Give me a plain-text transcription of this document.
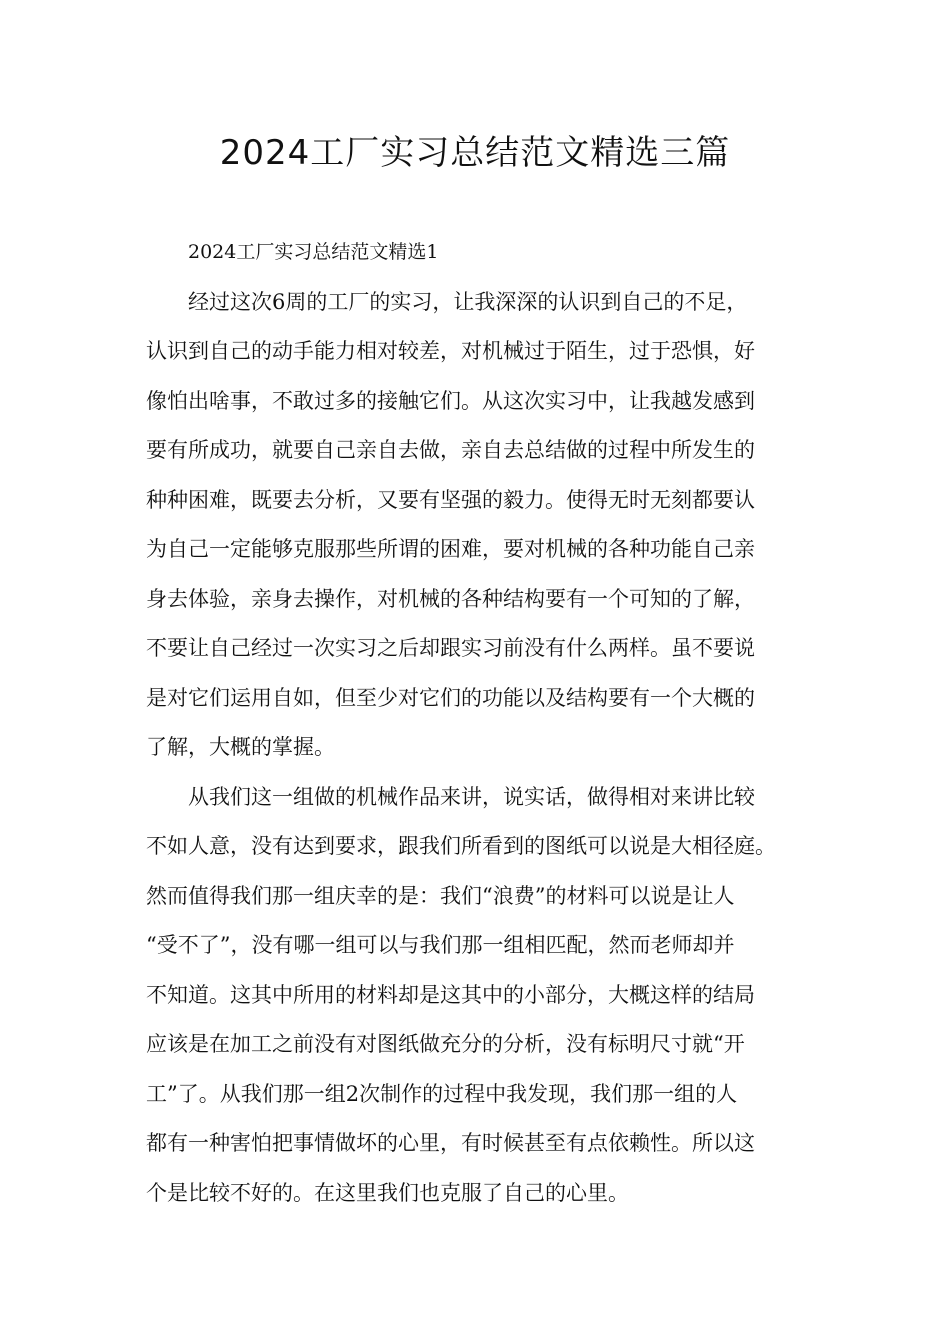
2024工厂实习总结范文精选三篇
2024工厂实习总结范文精选1
经过这次6周的工厂的实习，让我深深的认识到自己的不足，
认识到自己的动手能力相对较差，对机械过于陌生，过于恐惧，好
像怕出啥事，不敢过多的接触它们。从这次实习中，让我越发感到
要有所成功，就要自己亲自去做，亲自去总结做的过程中所发生的
种种困难，既要去分析，又要有坚强的毅力。使得无时无刻都要认
为自己一定能够克服那些所谓的困难，要对机械的各种功能自己亲
身去体验，亲身去操作，对机械的各种结构要有一个可知的了解，
不要让自己经过一次实习之后却跟实习前没有什么两样。虽不要说
是对它们运用自如，但至少对它们的功能以及结构要有一个大概的
了解，大概的掌握。
从我们这一组做的机械作品来讲，说实话，做得相对来讲比较
不如人意，没有达到要求，跟我们所看到的图纸可以说是大相径庭。
然而值得我们那一组庆幸的是：我们“浪费”的材料可以说是让人
“受不了”，没有哪一组可以与我们那一组相匹配，然而老师却并
不知道。这其中所用的材料却是这其中的小部分，大概这样的结局
应该是在加工之前没有对图纸做充分的分析，没有标明尺寸就“开
工”了。从我们那一组2次制作的过程中我发现，我们那一组的人
都有一种害怕把事情做坏的心里，有时候甚至有点依赖性。所以这
个是比较不好的。在这里我们也克服了自己的心里。
